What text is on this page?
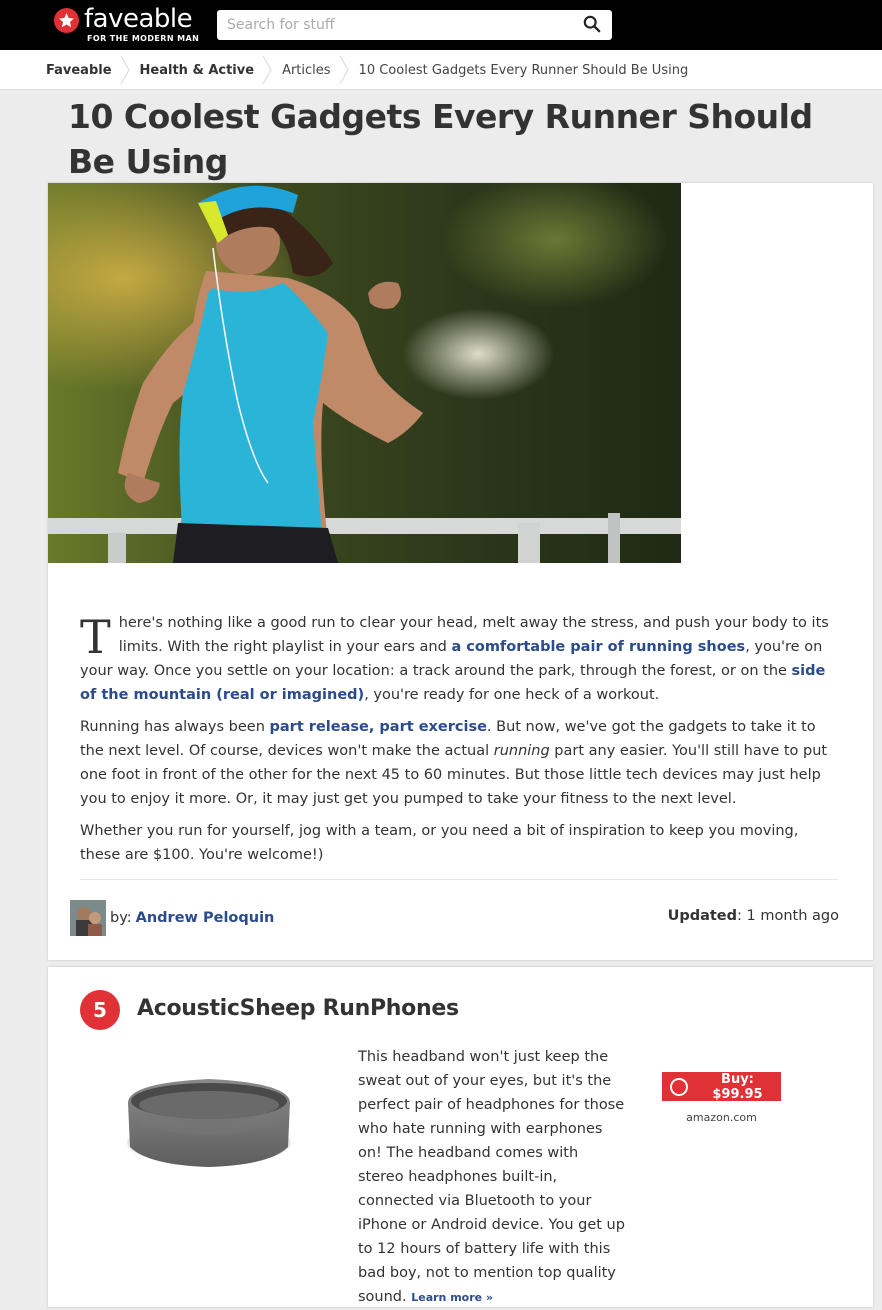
faveable
FOR THE MODERN MAN
Search for stuff
Faveable Health & Active Articles 10 Coolest Gadgets Every Runner Should Be Using
10 Coolest Gadgets Every Runner Should Be Using

There's nothing like a good run to clear your head, melt away the stress, and push your body to its limits. With the right playlist in your ears and a comfortable pair of running shoes, you're on your way. Once you settle on your location: a track around the park, through the forest, or on the side of the mountain (real or imagined), you're ready for one heck of a workout.

Running has always been part release, part exercise. But now, we've got the gadgets to take it to the next level. Of course, devices won't make the actual running part any easier. You'll still have to put one foot in front of the other for the next 45 to 60 minutes. But those little tech devices may just help you to enjoy it more. Or, it may just get you pumped to take your fitness to the next level.

Whether you run for yourself, jog with a team, or you need a bit of inspiration to keep you moving, these are $100. You're welcome!)

by: Andrew Peloquin	Updated: 1 month ago
5	AcousticSheep RunPhones
This headband won't just keep the sweat out of your eyes, but it's the perfect pair of headphones for those who hate running with earphones on! The headband comes with stereo headphones built-in, connected via Bluetooth to your iPhone or Android device. You get up to 12 hours of battery life with this bad boy, not to mention top quality sound. Learn more »
Buy: $99.95
amazon.com
